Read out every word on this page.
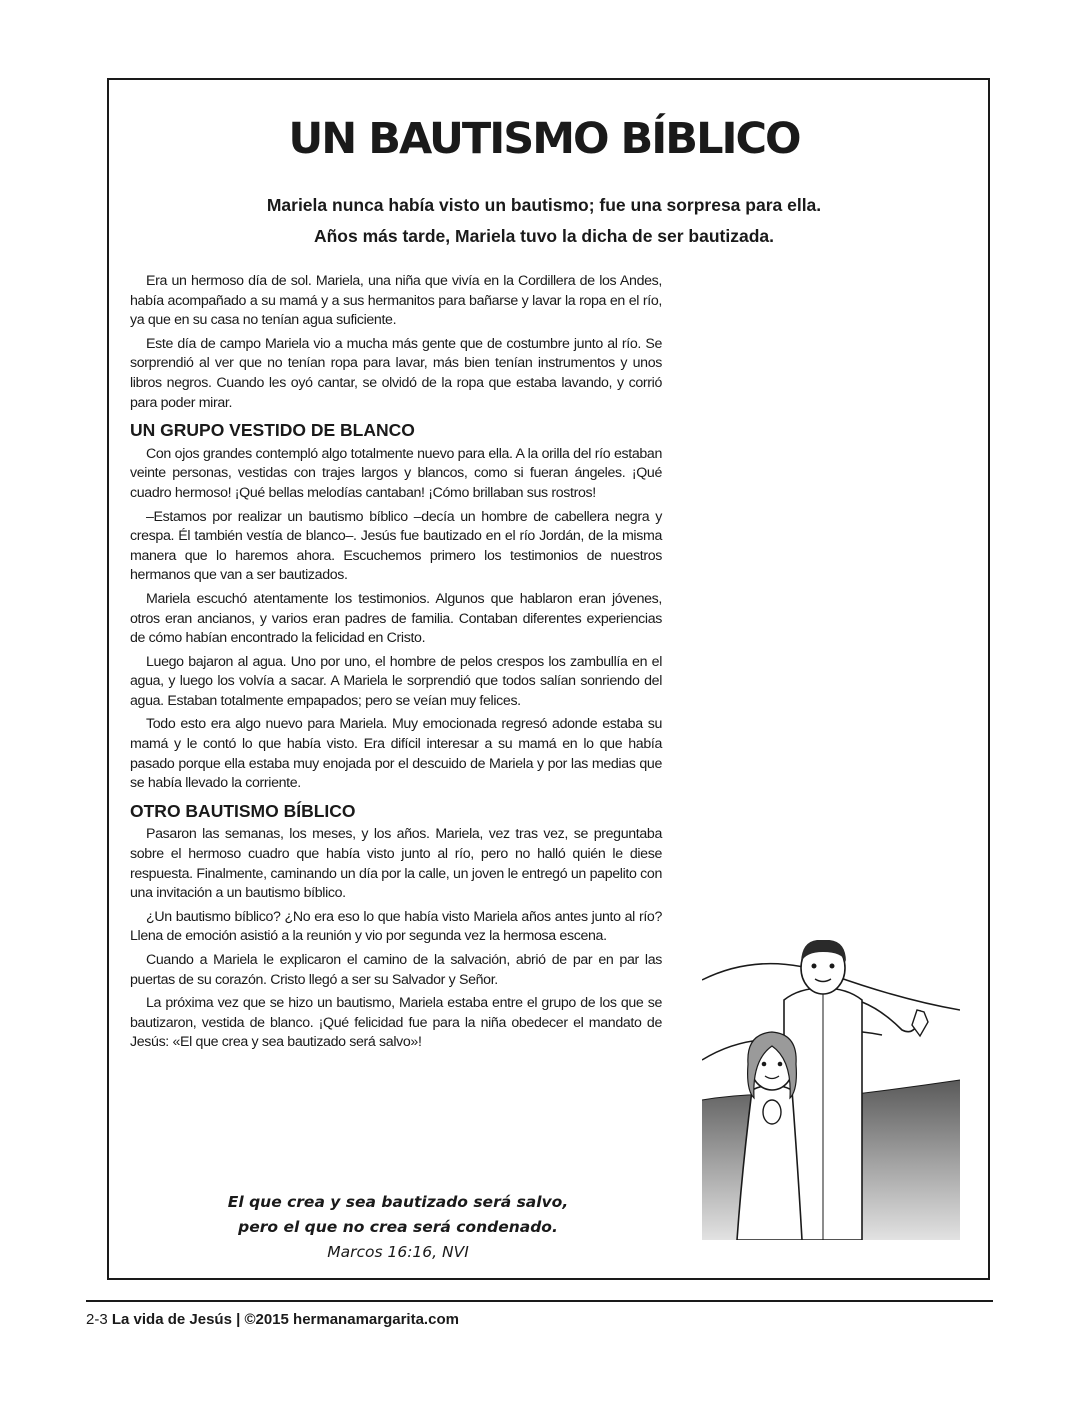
UN BAUTISMO BÍBLICO
Mariela nunca había visto un bautismo; fue una sorpresa para ella.
Años más tarde, Mariela tuvo la dicha de ser bautizada.

Era un hermoso día de sol. Mariela, una niña que vivía en la Cordillera de los Andes, había acompañado a su mamá y a sus hermanitos para bañarse y lavar la ropa en el río, ya que en su casa no tenían agua suficiente.

Este día de campo Mariela vio a mucha más gente que de costumbre junto al río. Se sorprendió al ver que no tenían ropa para lavar, más bien tenían instrumentos y unos libros negros. Cuando les oyó cantar, se olvidó de la ropa que estaba lavando, y corrió para poder mirar.

UN GRUPO VESTIDO DE BLANCO

Con ojos grandes contempló algo totalmente nuevo para ella. A la orilla del río estaban veinte personas, vestidas con trajes largos y blancos, como si fueran ángeles. ¡Qué cuadro hermoso! ¡Qué bellas melodías cantaban! ¡Cómo brillaban sus rostros!

–Estamos por realizar un bautismo bíblico –decía un hombre de cabellera negra y crespa. Él también vestía de blanco–. Jesús fue bautizado en el río Jordán, de la misma manera que lo haremos ahora. Escuchemos primero los testimonios de nuestros hermanos que van a ser bautizados.

Mariela escuchó atentamente los testimonios. Algunos que hablaron eran jóvenes, otros eran ancianos, y varios eran padres de familia. Contaban diferentes experiencias de cómo habían encontrado la felicidad en Cristo.

Luego bajaron al agua. Uno por uno, el hombre de pelos crespos los zambullía en el agua, y luego los volvía a sacar. A Mariela le sorprendió que todos salían sonriendo del agua. Estaban totalmente empapados; pero se veían muy felices.

Todo esto era algo nuevo para Mariela. Muy emocionada regresó adonde estaba su mamá y le contó lo que había visto. Era difícil interesar a su mamá en lo que había pasado porque ella estaba muy enojada por el descuido de Mariela y por las medias que se había llevado la corriente.

OTRO BAUTISMO BÍBLICO

Pasaron las semanas, los meses, y los años. Mariela, vez tras vez, se preguntaba sobre el hermoso cuadro que había visto junto al río, pero no halló quién le diese respuesta. Finalmente, caminando un día por la calle, un joven le entregó un papelito con una invitación a un bautismo bíblico.

¿Un bautismo bíblico? ¿No era eso lo que había visto Mariela años antes junto al río? Llena de emoción asistió a la reunión y vio por segunda vez la hermosa escena.

Cuando a Mariela le explicaron el camino de la salvación, abrió de par en par las puertas de su corazón. Cristo llegó a ser su Salvador y Señor.

La próxima vez que se hizo un bautismo, Mariela estaba entre el grupo de los que se bautizaron, vestida de blanco. ¡Qué felicidad fue para la niña obedecer el mandato de Jesús: «El que crea y sea bautizado será salvo»!

El que crea y sea bautizado será salvo,
pero el que no crea será condenado.
Marcos 16:16, NVI
2-3 La vida de Jesús | ©2015 hermanamargarita.com
